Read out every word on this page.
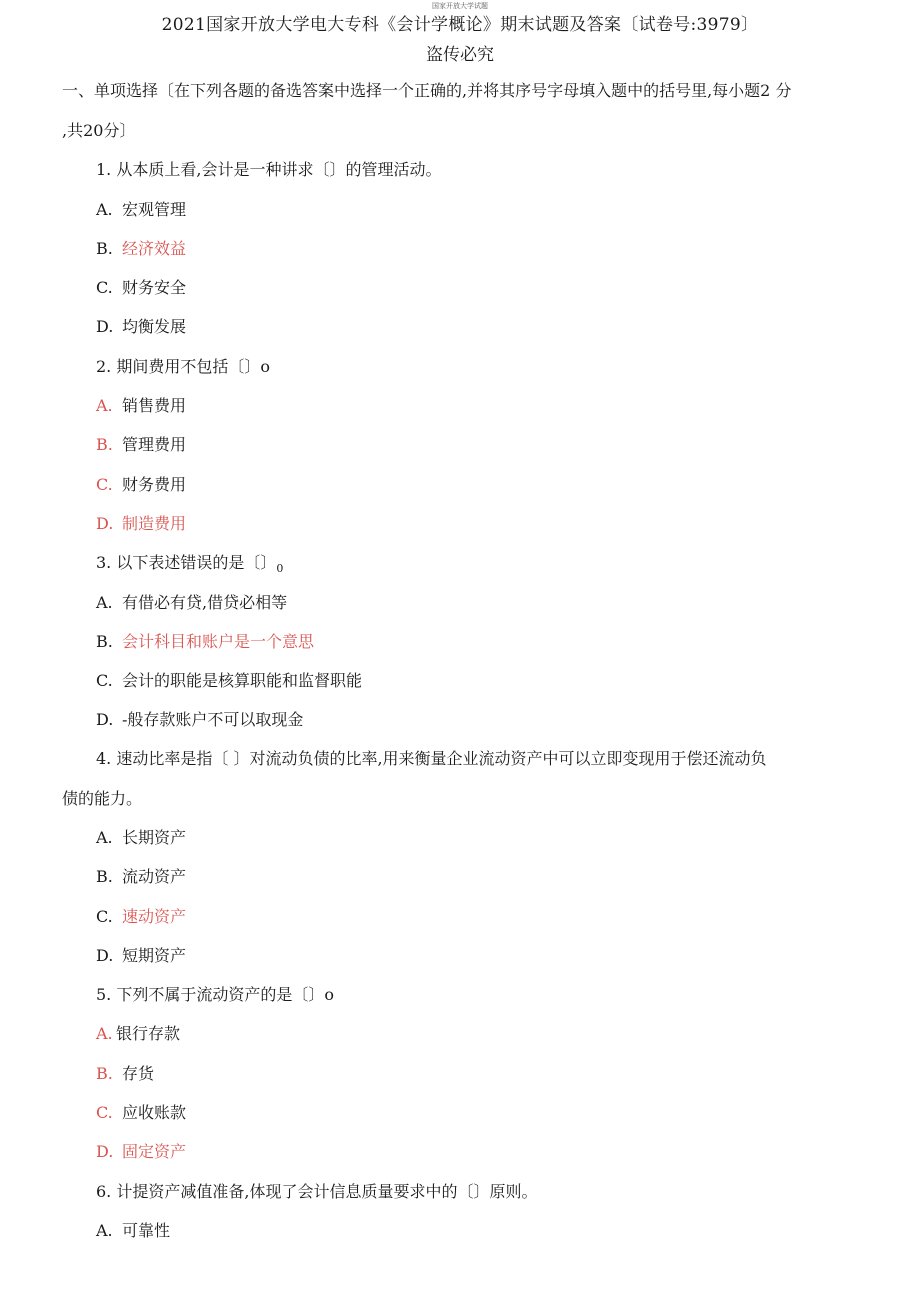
国家开放大学试题
2021国家开放大学电大专科《会计学概论》期末试题及答案〔试卷号:3979〕
盗传必究
一、单项选择〔在下列各题的备选答案中选择一个正确的,并将其序号字母填入题中的括号里,每小题2 分
,共20分〕
1. 从本质上看,会计是一种讲求〔〕的管理活动。
A. 宏观管理
B. 经济效益
C. 财务安全
D. 均衡发展
2. 期间费用不包括〔〕o
A. 销售费用
B. 管理费用
C. 财务费用
D. 制造费用
3. 以下表述错误的是〔〕$_0$
A. 有借必有贷,借贷必相等
B. 会计科目和账户是一个意思
C. 会计的职能是核算职能和监督职能
D. -般存款账户不可以取现金
4. 速动比率是指〔 〕对流动负债的比率,用来衡量企业流动资产中可以立即变现用于偿还流动负
债的能力。
A. 长期资产
B. 流动资产
C. 速动资产
D. 短期资产
5. 下列不属于流动资产的是〔〕o
A. 银行存款
B. 存货
C. 应收账款
D. 固定资产
6. 计提资产减值准备,体现了会计信息质量要求中的〔〕原则。
A. 可靠性
